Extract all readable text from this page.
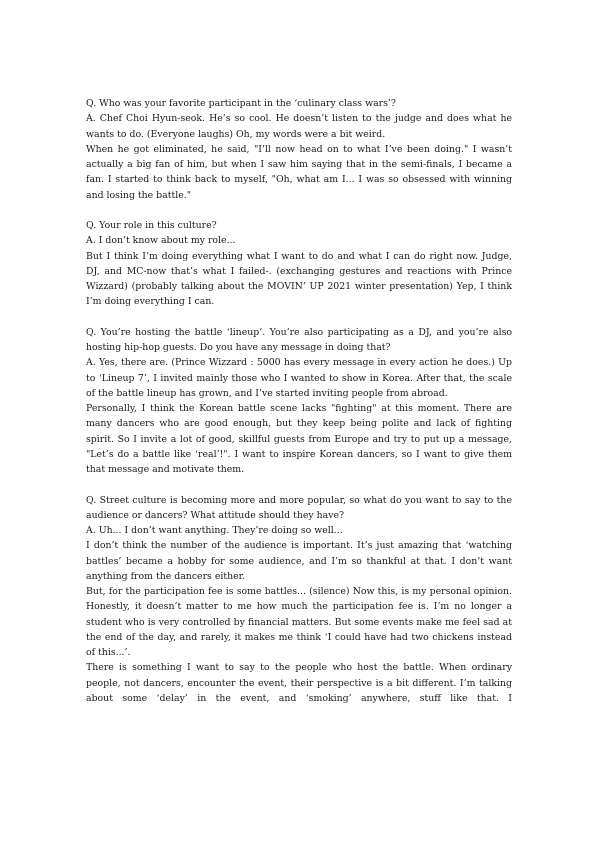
Q. Who was your favorite participant in the ‘culinary class wars’?

A. Chef Choi Hyun-seok. He’s so cool. He doesn’t listen to the judge and does what he wants to do. (Everyone laughs) Oh, my words were a bit weird.

When he got eliminated, he said, "I’ll now head on to what I’ve been doing." I wasn’t actually a big fan of him, but when I saw him saying that in the semi-finals, I became a fan. I started to think back to myself, "Oh, what am I... I was so obsessed with winning and losing the battle."

Q. Your role in this culture?

A. I don’t know about my role...

But I think I’m doing everything what I want to do and what I can do right now. Judge, DJ, and MC-now that’s what I failed-. (exchanging gestures and reactions with Prince Wizzard) (probably talking about the MOVIN’ UP 2021 winter presentation) Yep, I think I’m doing everything I can.

Q. You’re hosting the battle ‘lineup’. You’re also participating as a DJ, and you’re also hosting hip-hop guests. Do you have any message in doing that?

A. Yes, there are. (Prince Wizzard : 5000 has every message in every action he does.) Up to ‘Lineup 7’, I invited mainly those who I wanted to show in Korea. After that, the scale of the battle lineup has grown, and I’ve started inviting people from abroad.

Personally, I think the Korean battle scene lacks "fighting" at this moment. There are many dancers who are good enough, but they keep being polite and lack of fighting spirit. So I invite a lot of good, skillful guests from Europe and try to put up a message, "Let’s do a battle like ‘real’!". I want to inspire Korean dancers, so I want to give them that message and motivate them.

Q. Street culture is becoming more and more popular, so what do you want to say to the audience or dancers? What attitude should they have?

A. Uh... I don’t want anything. They’re doing so well...

I don’t think the number of the audience is important. It’s just amazing that ‘watching battles’ became a hobby for some audience, and I’m so thankful at that. I don’t want anything from the dancers either.

But, for the participation fee is some battles... (silence) Now this, is my personal opinion. Honestly, it doesn’t matter to me how much the participation fee is. I’m no longer a student who is very controlled by financial matters. But some events make me feel sad at the end of the day, and rarely, it makes me think ‘I could have had two chickens instead of this...’.

There is something I want to say to the people who host the battle. When ordinary people, not dancers, encounter the event, their perspective is a bit different. I’m talking about some ‘delay’ in the event, and ‘smoking’ anywhere, stuff like that. I
